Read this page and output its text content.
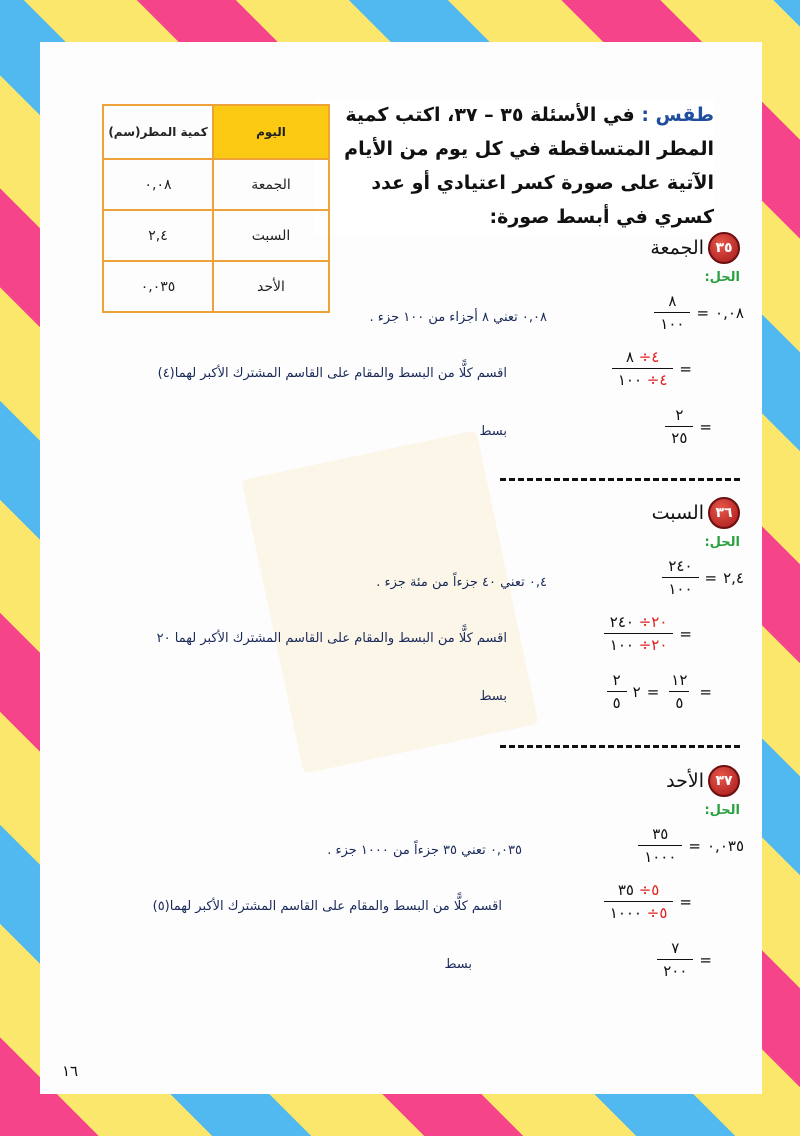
طقس : في الأسئلة ٣٥ – ٣٧، اكتب كمية المطر المتساقطة في كل يوم من الأيام الآتية على صورة كسر اعتيادي أو عدد كسري في أبسط صورة:
اليوم	كمية المطر(سم)
الجمعة	٠,٠٨
السبت	٢,٤
الأحد	٠,٠٣٥
٣٥
الجمعة
الحل:
٠,٠٨
=
$\frac{٨}{١٠٠}$
٠,٠٨ تعني ٨ أجزاء من ١٠٠ جزء .
=
$\frac{٤\div ٨}{٤\div ١٠٠}$
اقسم كلًّا من البسط والمقام على القاسم المشترك الأكبر لهما(٤)
=
$\frac{٢}{٢٥}$
بسط
٣٦
السبت
الحل:
٢,٤
=
$\frac{٢٤٠}{١٠٠}$
٠,٤ تعني ٤٠ جزءاً من مئة جزء .
=
$\frac{٢٠\div ٢٤٠}{٢٠\div ١٠٠}$
اقسم كلًّا من البسط والمقام على القاسم المشترك الأكبر لهما ٢٠
=
$\frac{١٢}{٥}$
=
٢
$\frac{٢}{٥}$
بسط
٣٧
الأحد
الحل:
٠,٠٣٥
=
$\frac{٣٥}{١٠٠٠}$
٠,٠٣٥ تعني ٣٥ جزءاً من ١٠٠٠ جزء .
=
$\frac{٥\div ٣٥}{٥\div ١٠٠٠}$
اقسم كلًّا من البسط والمقام على القاسم المشترك الأكبر لهما(٥)
=
$\frac{٧}{٢٠٠}$
بسط
١٦
